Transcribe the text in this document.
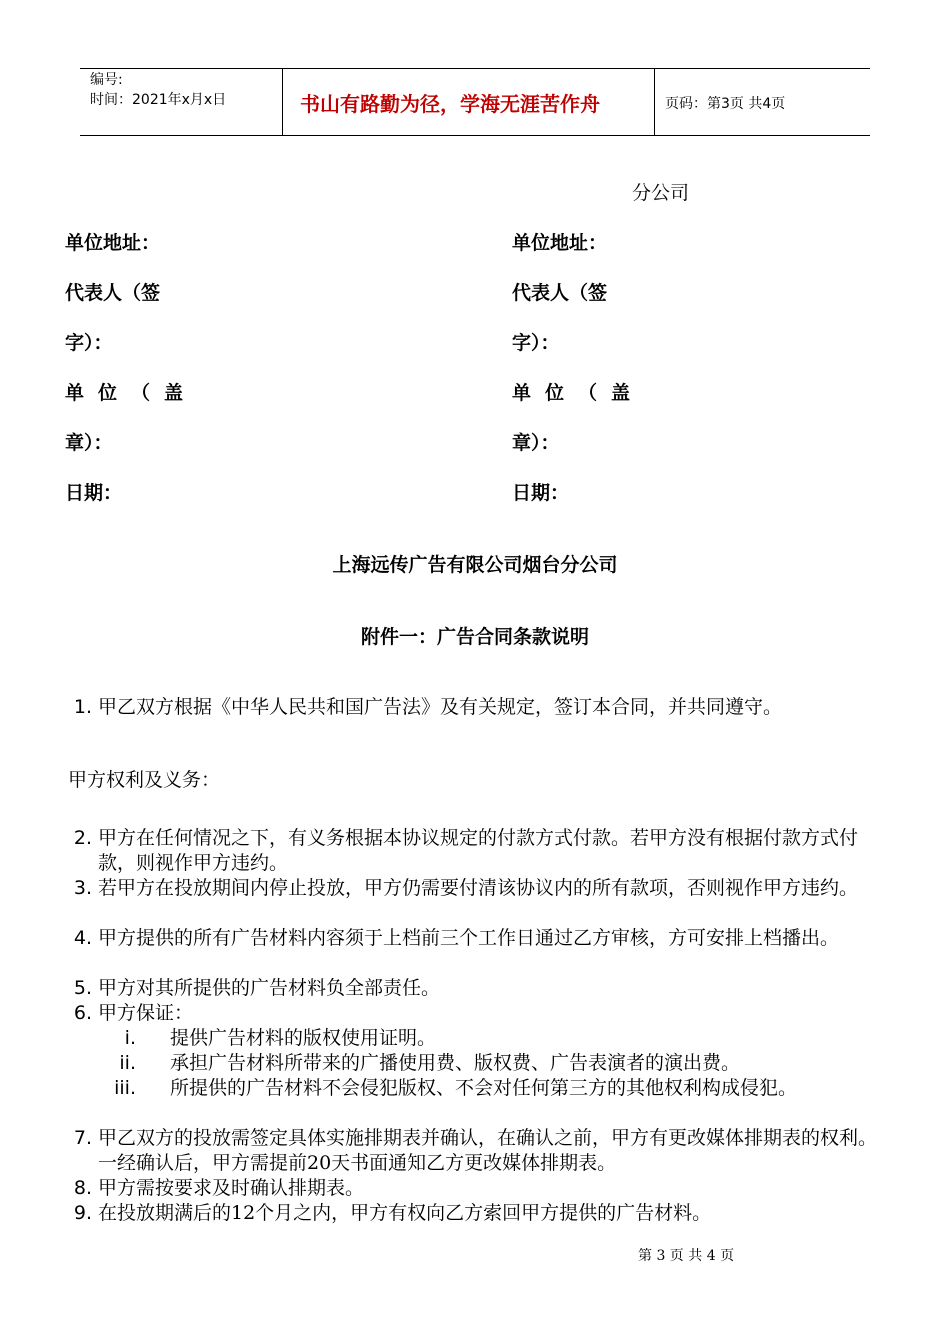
编号:
时间：2021年x月x日	书山有路勤为径，学海无涯苦作舟	页码：第3页 共4页
分公司
单位地址：
代表人（签
字）：
单位（盖
章）：
日期：
单位地址：
代表人（签
字）：
单位（盖
章）：
日期：
上海远传广告有限公司烟台分公司
附件一：广告合同条款说明
1. 甲乙双方根据《中华人民共和国广告法》及有关规定，签订本合同，并共同遵守。
甲方权利及义务：
2. 甲方在任何情况之下，有义务根据本协议规定的付款方式付款。若甲方没有根据付款方式付款，则视作甲方违约。
3. 若甲方在投放期间内停止投放，甲方仍需要付清该协议内的所有款项，否则视作甲方违约。
4. 甲方提供的所有广告材料内容须于上档前三个工作日通过乙方审核，方可安排上档播出。
5. 甲方对其所提供的广告材料负全部责任。
6. 甲方保证：
i. 提供广告材料的版权使用证明。
ii. 承担广告材料所带来的广播使用费、版权费、广告表演者的演出费。
iii. 所提供的广告材料不会侵犯版权、不会对任何第三方的其他权利构成侵犯。
7. 甲乙双方的投放需签定具体实施排期表并确认，在确认之前，甲方有更改媒体排期表的权利。一经确认后，甲方需提前20天书面通知乙方更改媒体排期表。
8. 甲方需按要求及时确认排期表。
9. 在投放期满后的12个月之内，甲方有权向乙方索回甲方提供的广告材料。
第 3 页 共 4 页
